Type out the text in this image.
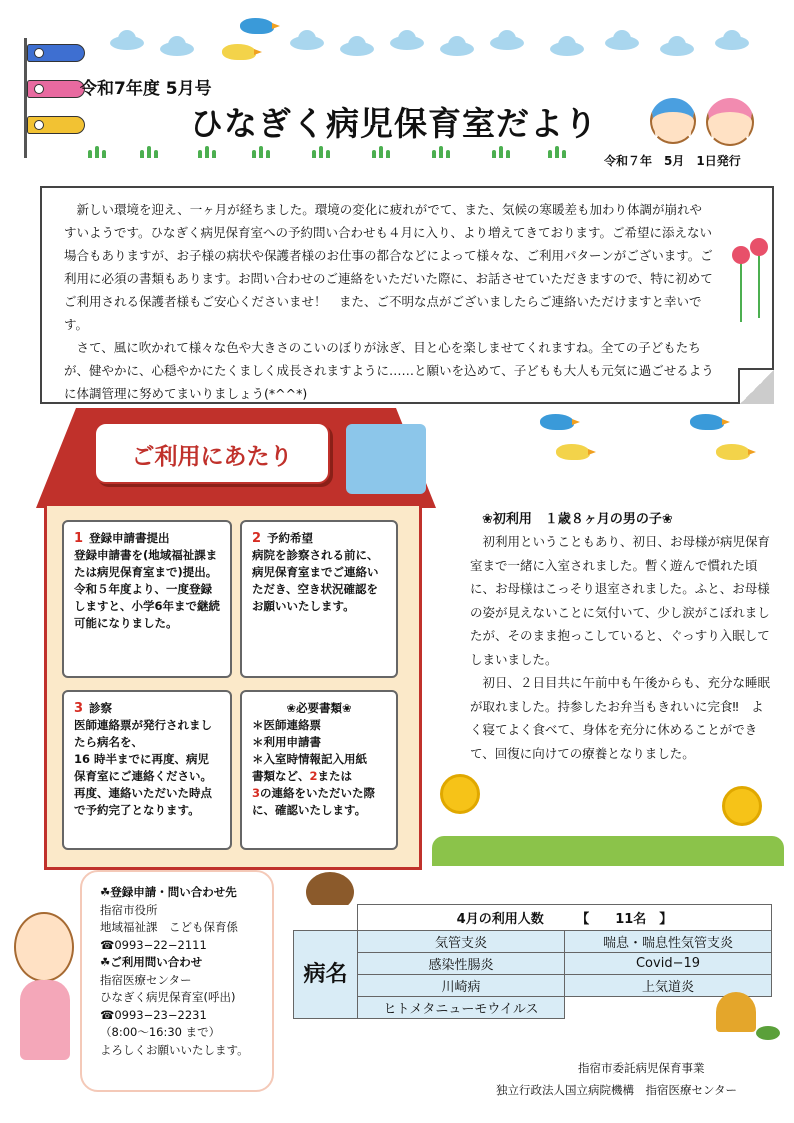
令和7年度 5月号
ひなぎく病児保育室だより
令和７年　5月　1日発行

新しい環境を迎え、一ヶ月が経ちました。環境の変化に疲れがでて、また、気候の寒暖差も加わり体調が崩れやすいようです。ひなぎく病児保育室への予約問い合わせも４月に入り、より増えてきております。ご希望に添えない場合もありますが、お子様の病状や保護者様のお仕事の都合などによって様々な、ご利用パターンがございます。ご利用に必須の書類もあります。お問い合わせのご連絡をいただいた際に、お話させていただきますので、特に初めてご利用される保護者様もご安心くださいませ！　また、ご不明な点がございましたらご連絡いただけますと幸いです。

さて、風に吹かれて様々な色や大きさのこいのぼりが泳ぎ、目と心を楽しませてくれますね。全ての子どもたちが、健やかに、心穏やかにたくましく成長されますように……と願いを込めて、子どもも大人も元気に過ごせるように体調管理に努めてまいりましょう(*^^*)

ご利用にあたり
1 登録申請書提出
登録申請書を(地域福祉課または病児保育室まで)提出。
令和５年度より、一度登録しますと、小学6年まで継続可能になりました。
2 予約希望
病院を診察される前に、病児保育室までご連絡いただき、空き状況確認をお願いいたします。
3 診察
医師連絡票が発行されましたら病名を、
16 時半までに再度、病児保育室にご連絡ください。再度、連絡いただいた時点で予約完了となります。
❀必要書類❀
＊医師連絡票
＊利用申請書
＊入室時情報記入用紙
書類など、2または
3の連絡をいただいた際に、確認いたします。
❀初利用　１歳８ヶ月の男の子❀

初利用ということもあり、初日、お母様が病児保育室まで一緒に入室されました。暫く遊んで慣れた頃に、お母様はこっそり退室されました。ふと、お母様の姿が見えないことに気付いて、少し涙がこぼれましたが、そのまま抱っこしていると、ぐっすり入眠してしまいました。

初日、２日目共に午前中も午後からも、充分な睡眠が取れました。持参したお弁当もきれいに完食‼　よく寝てよく食べて、身体を充分に休めることができて、回復に向けての療養となりました。

☘登録申請・問い合わせ先
指宿市役所
地域福祉課　こども保育係
☎0993−22−2111
☘ご利用問い合わせ
指宿医療センター
ひなぎく病児保育室(呼出)
☎0993−23−2231
（8:00〜16:30 まで）
よろしくお願いいたします。
	4月の利用人数　　　【　　11名　】	
病名	気管支炎	喘息・喘息性気管支炎
	感染性腸炎	Covid−19
	川崎病	上気道炎
	ヒトメタニューモウイルス	
指宿市委託病児保育事業
独立行政法人国立病院機構　指宿医療センター
